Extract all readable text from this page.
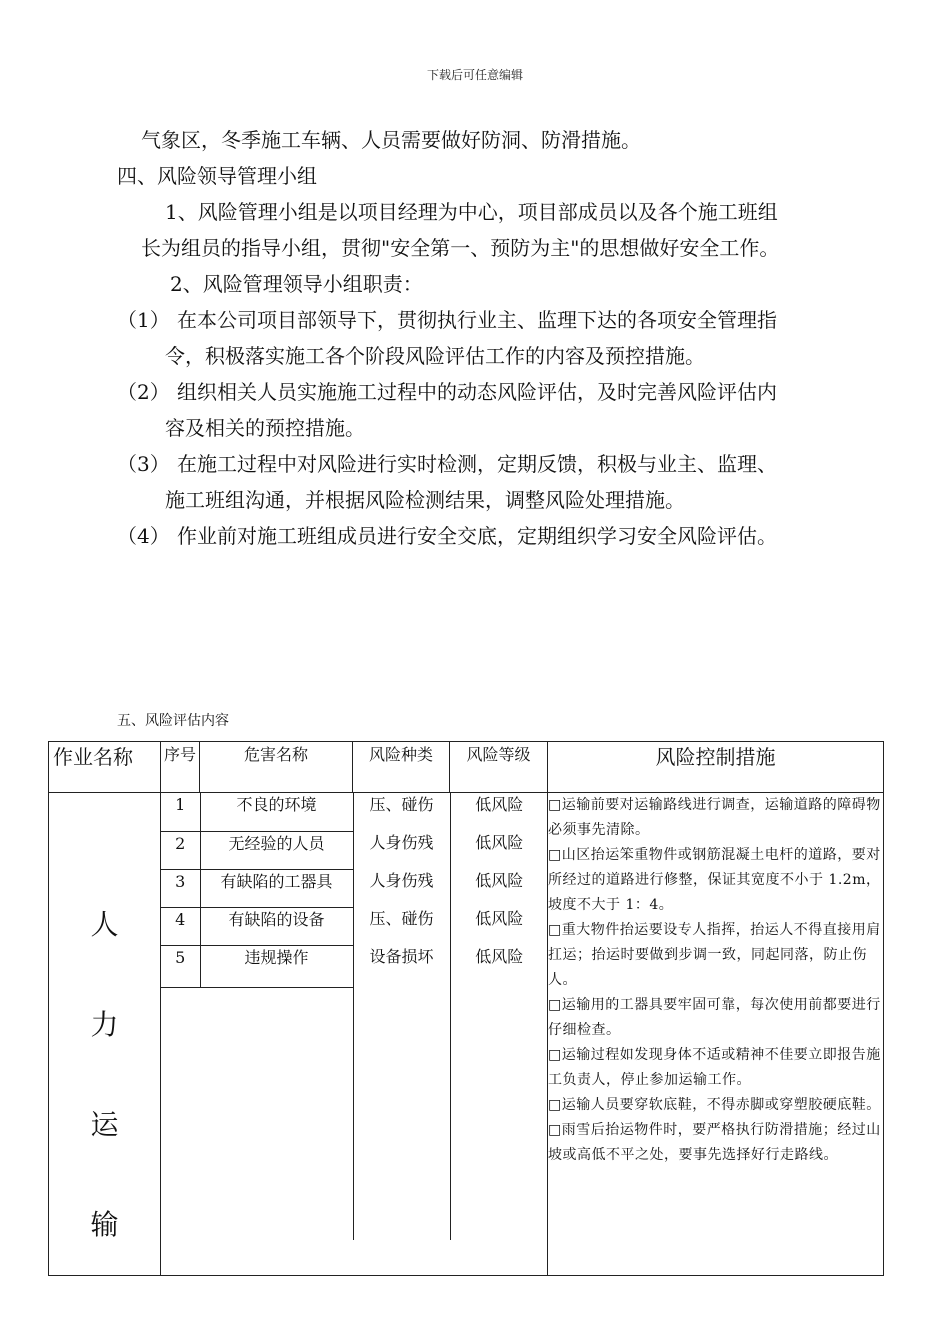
下载后可任意编辑
气象区，冬季施工车辆、人员需要做好防洞、防滑措施。
四、风险领导管理小组
1、风险管理小组是以项目经理为中心，项目部成员以及各个施工班组
长为组员的指导小组，贯彻"安全第一、预防为主"的思想做好安全工作。
2、风险管理领导小组职责：
（1） 在本公司项目部领导下，贯彻执行业主、监理下达的各项安全管理指
令，积极落实施工各个阶段风险评估工作的内容及预控措施。
（2） 组织相关人员实施施工过程中的动态风险评估，及时完善风险评估内
容及相关的预控措施。
（3） 在施工过程中对风险进行实时检测，定期反馈，积极与业主、监理、
施工班组沟通，并根据风险检测结果，调整风险处理措施。
（4） 作业前对施工班组成员进行安全交底，定期组织学习安全风险评估。
五、风险评估内容
作业名称	序号	危害名称	风险种类	风险等级	风险控制措施

人
力
运
输

1	不良的环境	压、碰伤	低风险
2	无经验的人员	人身伤残	低风险
3	有缺陷的工器具	人身伤残	低风险
4	有缺陷的设备	压、碰伤	低风险
5	违规操作	设备损坏	低风险

□运输前要对运输路线进行调查，运输道路的障碍物必须事先清除。
□山区抬运笨重物件或钢筋混凝土电杆的道路，要对所经过的道路进行修整，保证其宽度不小于 1.2m，坡度不大于 1：4。
□重大物件抬运要设专人指挥，抬运人不得直接用肩扛运；抬运时要做到步调一致，同起同落，防止伤人。
□运输用的工器具要牢固可靠，每次使用前都要进行仔细检查。
□运输过程如发现身体不适或精神不佳要立即报告施工负责人，停止参加运输工作。
□运输人员要穿软底鞋，不得赤脚或穿塑胶硬底鞋。
□雨雪后抬运物件时，要严格执行防滑措施；经过山坡或高低不平之处，要事先选择好行走路线。
